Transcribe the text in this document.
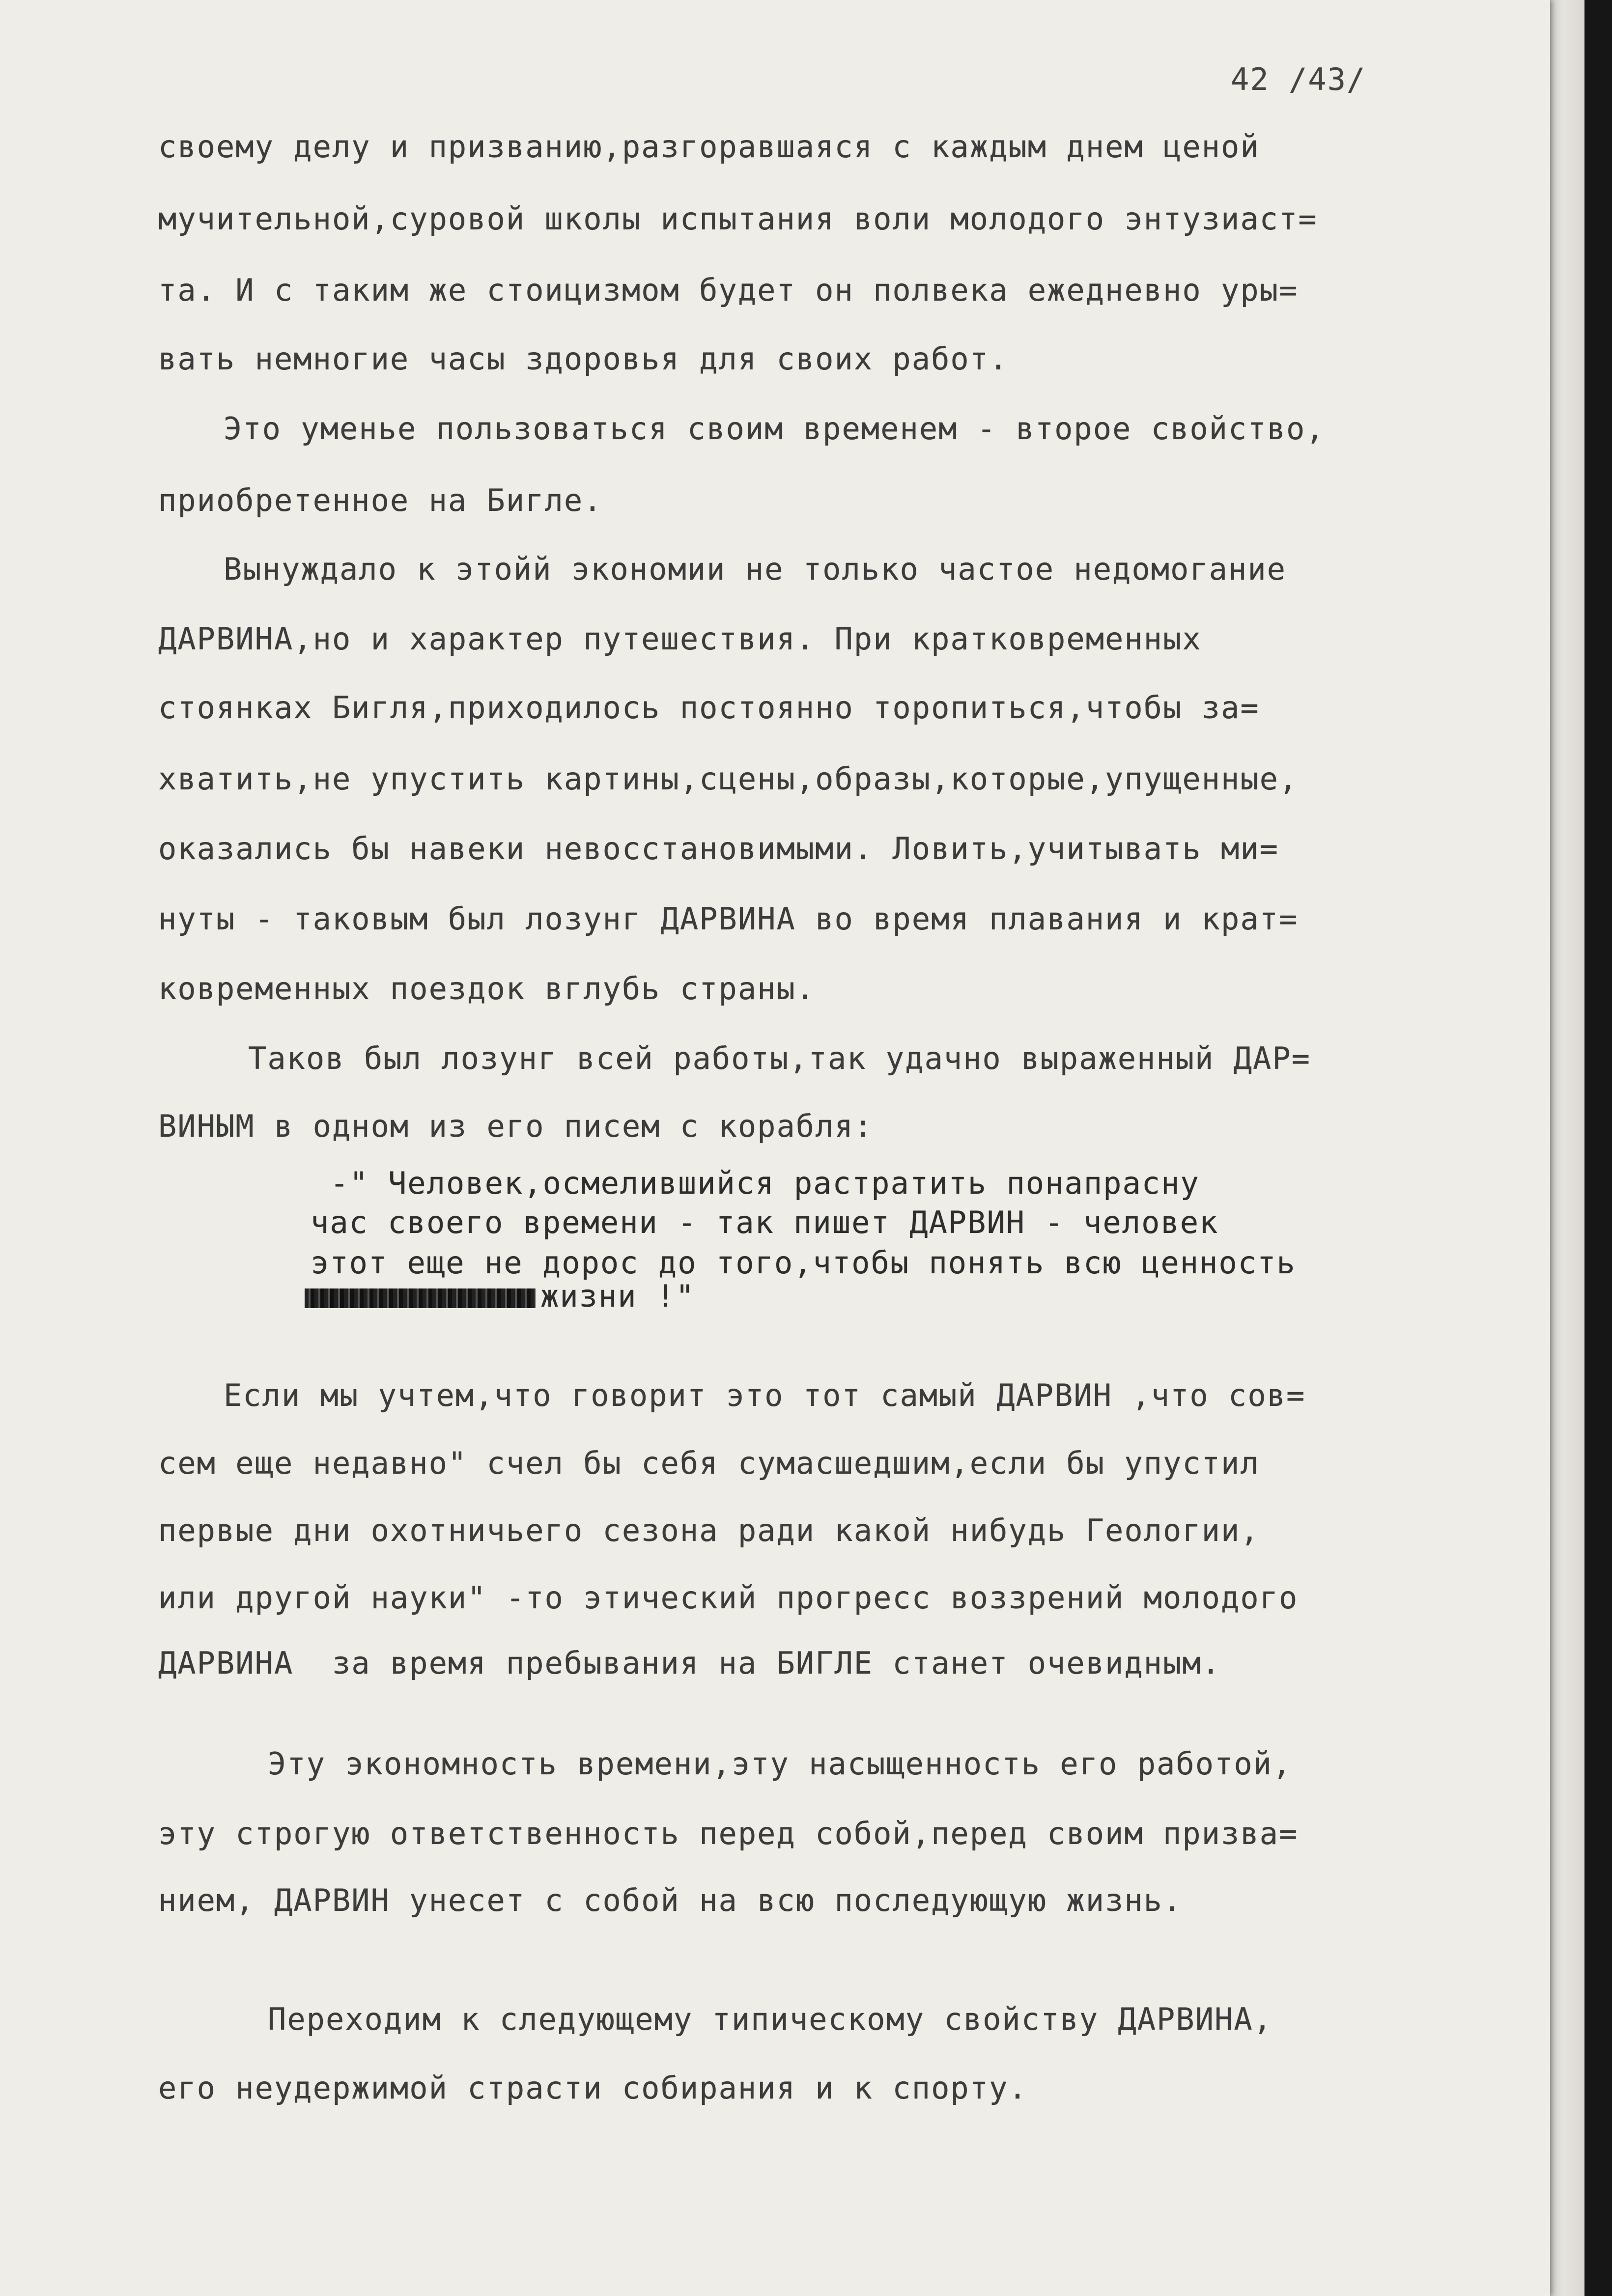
42 /43/
своему делу и призванию,разгоравшаяся с каждым днем ценой
мучительной,суровой школы испытания воли молодого энтузиаст=
та. И с таким же стоицизмом будет он полвека ежедневно уры=
вать немногие часы здоровья для своих работ.
Это уменье пользоваться своим временем - второе свойство,
приобретенное на Бигле.
Вынуждало к этойй экономии не только частое недомогание
ДАРВИНА,но и характер путешествия. При кратковременных
стоянках Бигля,приходилось постоянно торопиться,чтобы за=
хватить,не упустить картины,сцены,образы,которые,упущенные,
оказались бы навеки невосстановимыми. Ловить,учитывать ми=
нуты - таковым был лозунг ДАРВИНА во время плавания и крат=
ковременных поездок вглубь страны.
Таков был лозунг всей работы,так удачно выраженный ДАР=
ВИНЫМ в одном из его писем с корабля:
-" Человек,осмелившийся растратить понапрасну
час своего времени - так пишет ДАРВИН - человек
этот еще не дорос до того,чтобы понять всю ценность
жизни !"
Если мы учтем,что говорит это тот самый ДАРВИН ,что сов=
сем еще недавно" счел бы себя сумасшедшим,если бы упустил
первые дни охотничьего сезона ради какой нибудь Геологии,
или другой науки" -то этический прогресс воззрений молодого
ДАРВИНА  за время пребывания на БИГЛЕ станет очевидным.
Эту экономность времени,эту насыщенность его работой,
эту строгую ответственность перед собой,перед своим призва=
нием, ДАРВИН унесет с собой на всю последующую жизнь.
Переходим к следующему типическому свойству ДАРВИНА,
его неудержимой страсти собирания и к спорту.
